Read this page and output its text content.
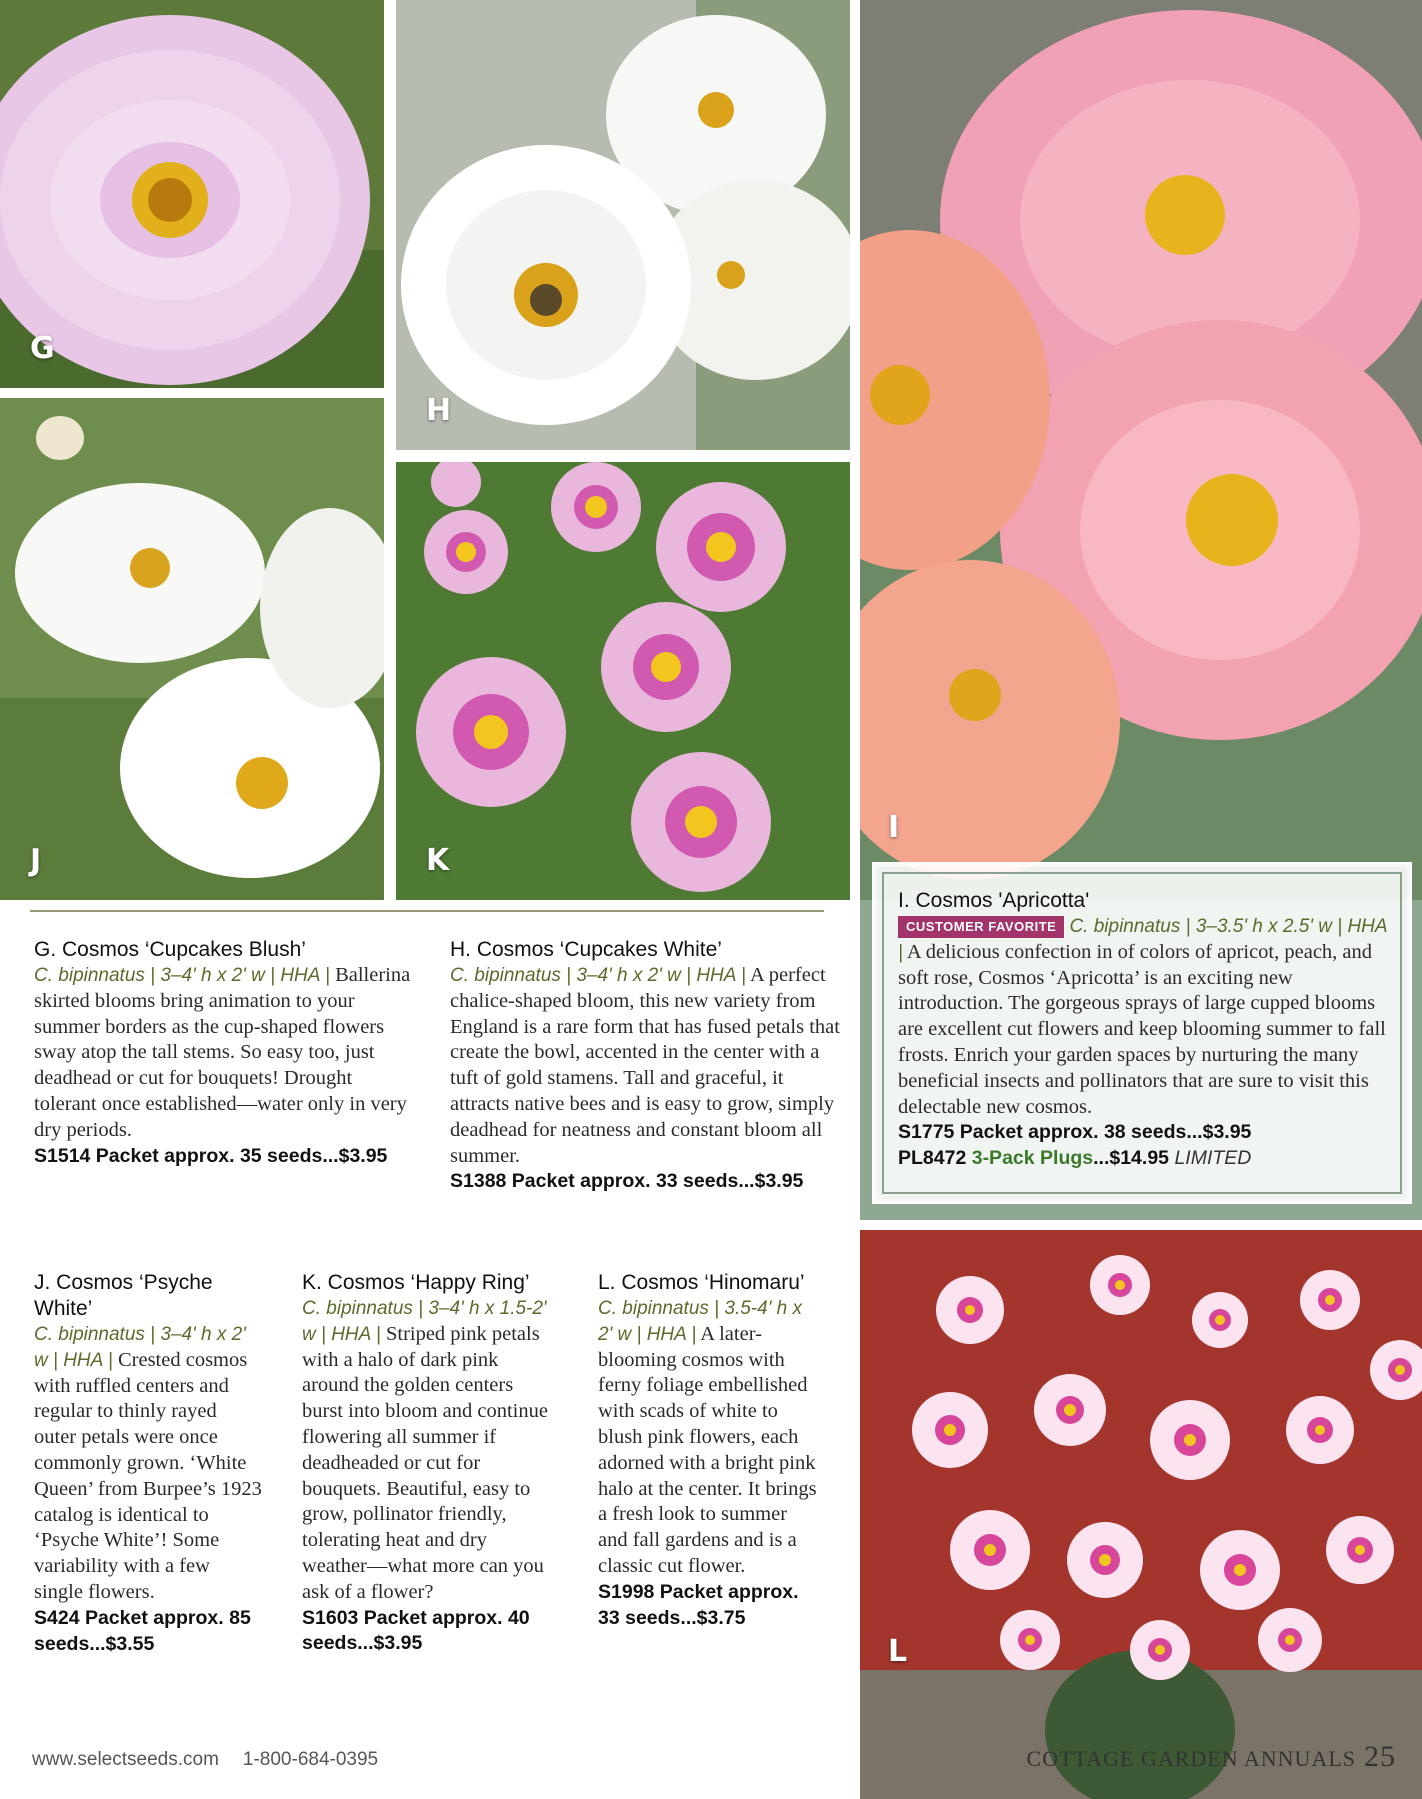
G
H
J	K
I
L
G. Cosmos ‘Cupcakes Blush’
C. bipinnatus | 3–4' h x 2' w | HHA | Ballerina skirted blooms bring animation to your summer borders as the cup-shaped flowers sway atop the tall stems. So easy too, just deadhead or cut for bouquets! Drought tolerant once established—water only in very dry periods.
S1514 Packet approx. 35 seeds...$3.95
H. Cosmos ‘Cupcakes White’
C. bipinnatus | 3–4' h x 2' w | HHA | A perfect chalice-shaped bloom, this new variety from England is a rare form that has fused petals that create the bowl, accented in the center with a tuft of gold stamens. Tall and graceful, it attracts native bees and is easy to grow, simply deadhead for neatness and constant bloom all summer.
S1388 Packet approx. 33 seeds...$3.95
I. Cosmos 'Apricotta'
CUSTOMER FAVORITE C. bipinnatus | 3–3.5' h x 2.5' w | HHA | A delicious confection in of colors of apricot, peach, and soft rose, Cosmos ‘Apricotta’ is an exciting new introduction. The gorgeous sprays of large cupped blooms are excellent cut flowers and keep blooming summer to fall frosts. Enrich your garden spaces by nurturing the many beneficial insects and pollinators that are sure to visit this delectable new cosmos.
S1775 Packet approx. 38 seeds...$3.95
PL8472 3-Pack Plugs...$14.95 LIMITED
J. Cosmos ‘Psyche White’
C. bipinnatus | 3–4' h x 2' w | HHA | Crested cosmos with ruffled centers and regular to thinly rayed outer petals were once commonly grown. ‘White Queen’ from Burpee’s 1923 catalog is identical to ‘Psyche White’! Some variability with a few single flowers.
S424 Packet approx. 85 seeds...$3.55
K. Cosmos ‘Happy Ring’
C. bipinnatus | 3–4' h x 1.5-2' w | HHA | Striped pink petals with a halo of dark pink around the golden centers burst into bloom and continue flowering all summer if deadheaded or cut for bouquets. Beautiful, easy to grow, pollinator friendly, tolerating heat and dry weather—what more can you ask of a flower?
S1603 Packet approx. 40 seeds...$3.95
L. Cosmos ‘Hinomaru’
C. bipinnatus | 3.5-4' h x 2' w | HHA | A later-blooming cosmos with ferny foliage embellished with scads of white to blush pink flowers, each adorned with a bright pink halo at the center. It brings a fresh look to summer and fall gardens and is a classic cut flower.
S1998 Packet approx. 33 seeds...$3.75
www.selectseeds.com 1-800-684-0395	COTTAGE GARDEN ANNUALS 25
